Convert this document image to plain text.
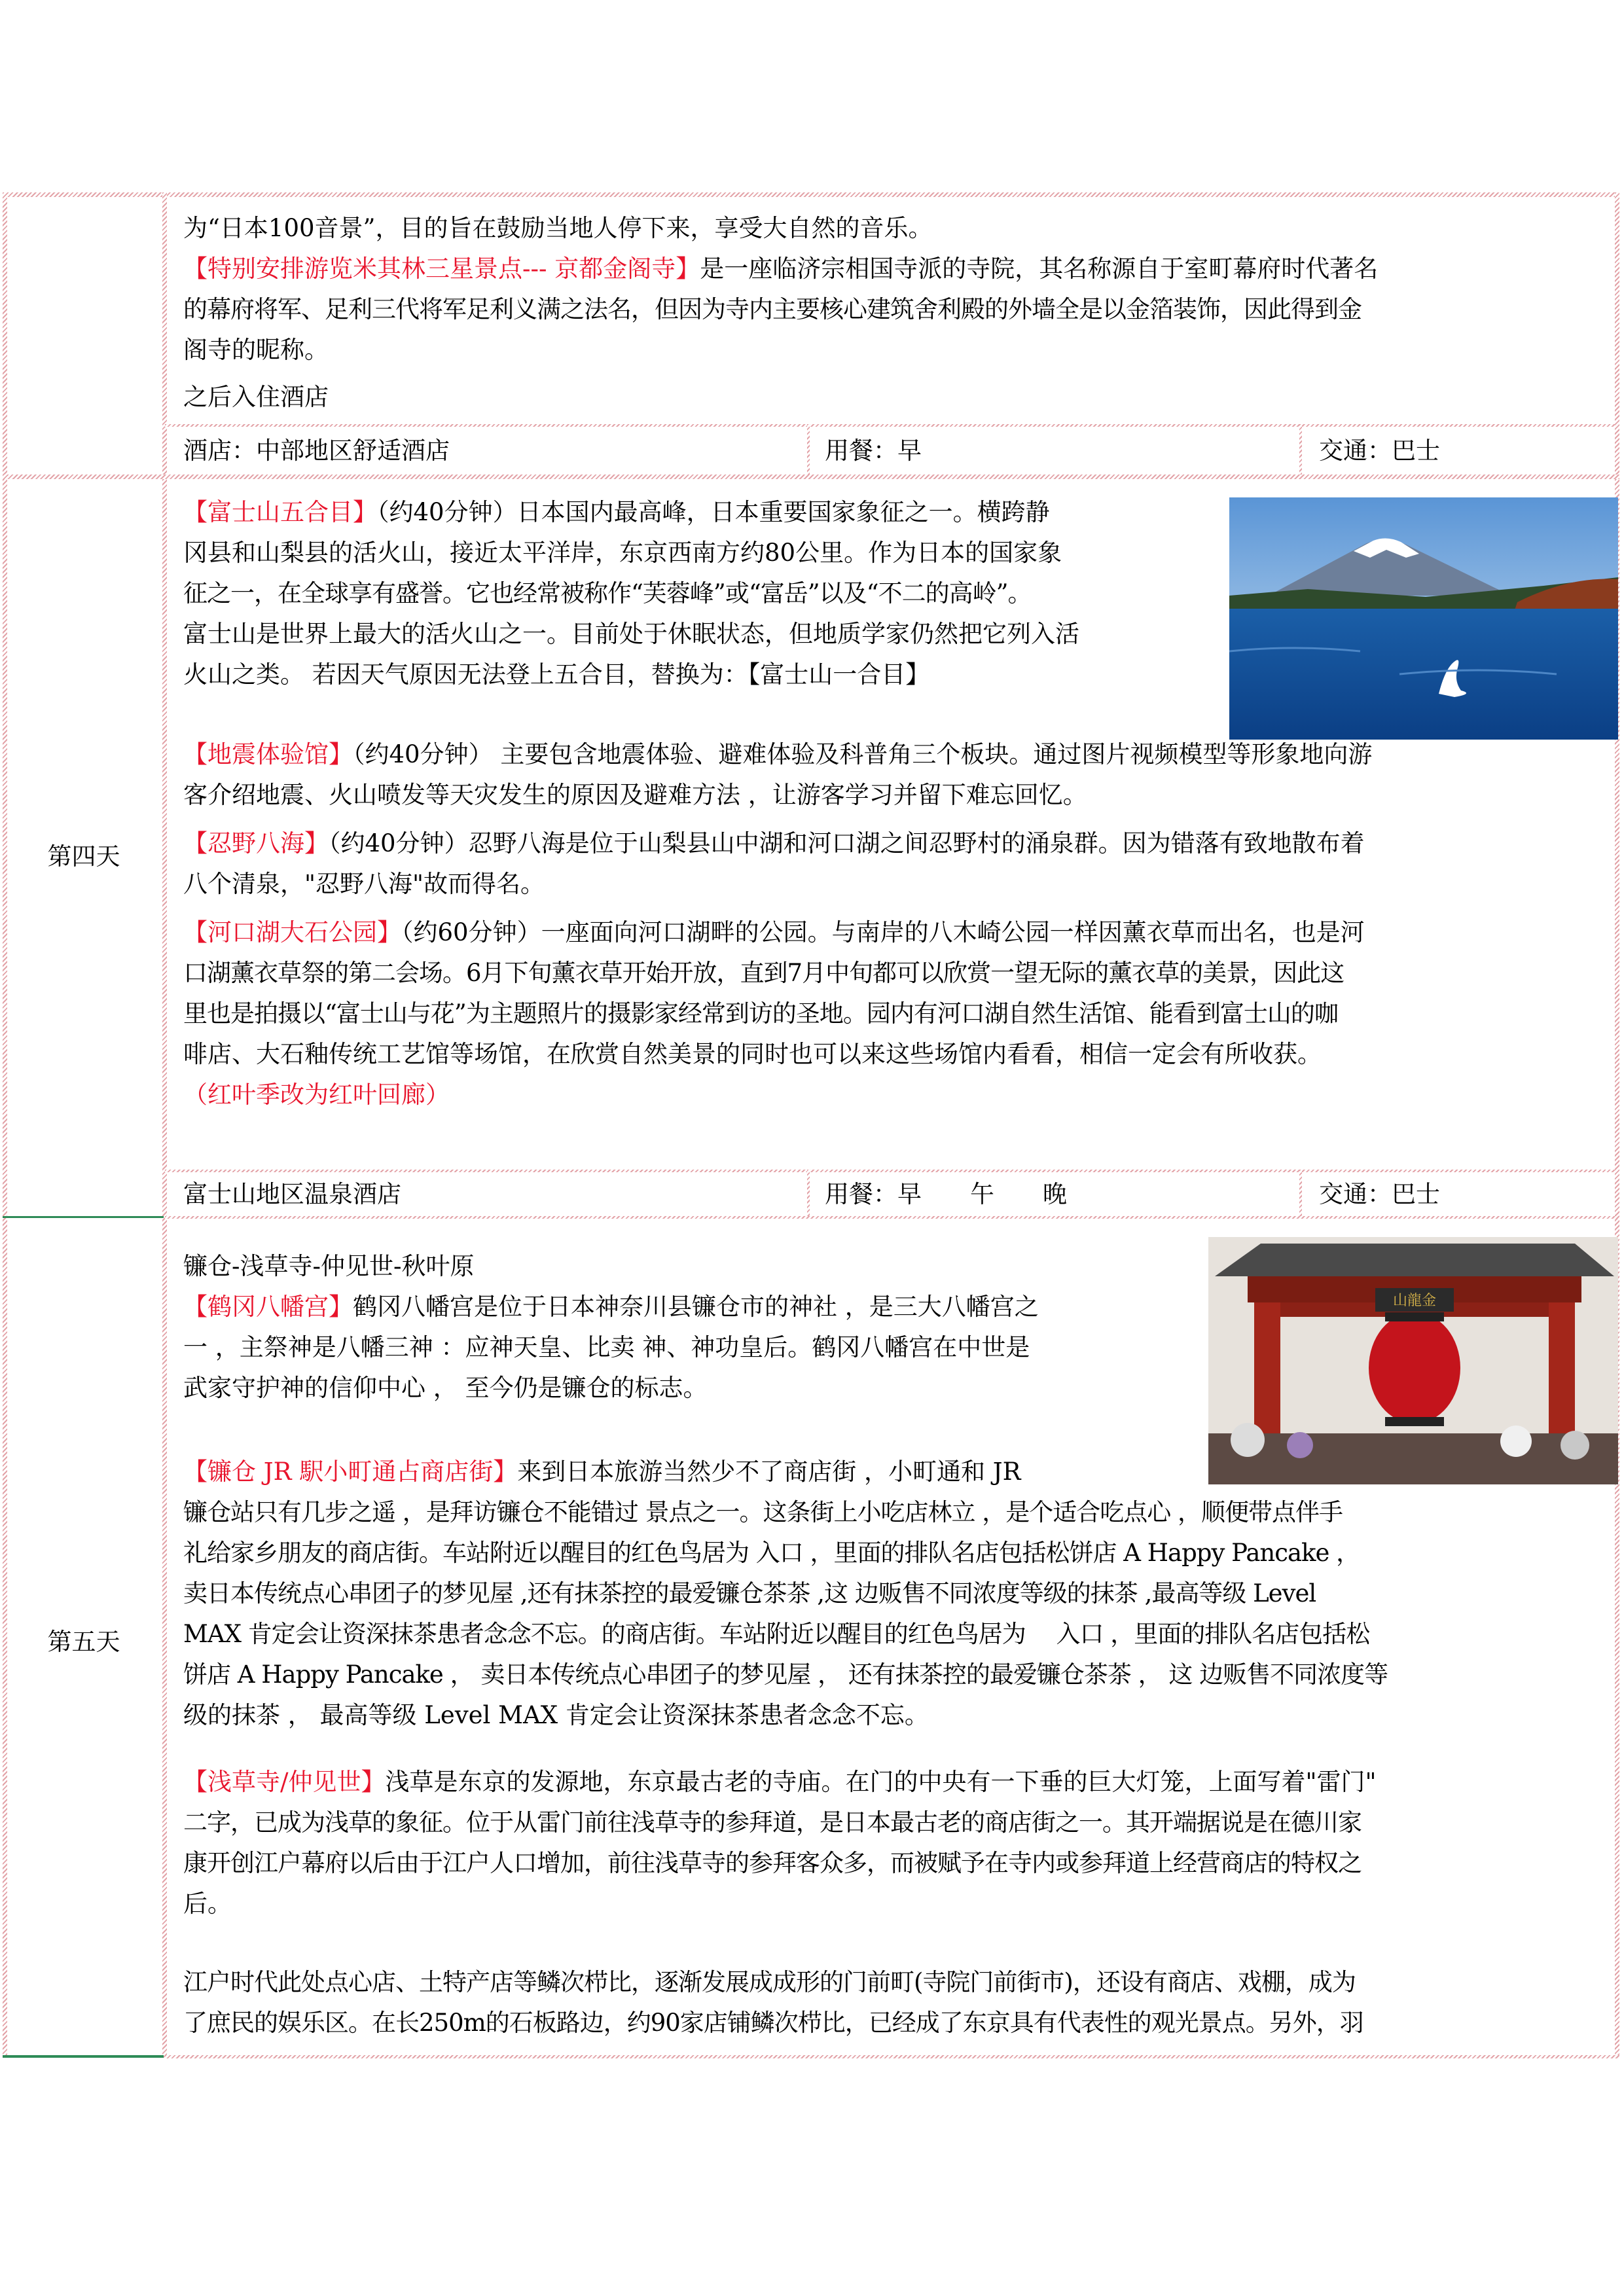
为“日本100音景”，目的旨在鼓励当地人停下来，享受大自然的音乐。
【特别安排游览米其林三星景点--- 京都金阁寺】是一座临济宗相国寺派的寺院，其名称源自于室町幕府时代著名
的幕府将军、足利三代将军足利义满之法名，但因为寺内主要核心建筑舍利殿的外墙全是以金箔装饰，因此得到金
阁寺的昵称。
之后入住酒店
酒店：中部地区舒适酒店	用餐：早	交通：巴士
第四天
【富士山五合目】（约40分钟）日本国内最高峰，日本重要国家象征之一。横跨静
冈县和山梨县的活火山，接近太平洋岸，东京西南方约80公里。作为日本的国家象
征之一，在全球享有盛誉。它也经常被称作“芙蓉峰”或“富岳”以及“不二的高岭”。
富士山是世界上最大的活火山之一。目前处于休眠状态，但地质学家仍然把它列入活
火山之类。 若因天气原因无法登上五合目，替换为：【富士山一合目】
【地震体验馆】（约40分钟） 主要包含地震体验、避难体验及科普角三个板块。通过图片视频模型等形象地向游
客介绍地震、火山喷发等天灾发生的原因及避难方法 ，让游客学习并留下难忘回忆。
【忍野八海】（约40分钟）忍野八海是位于山梨县山中湖和河口湖之间忍野村的涌泉群。因为错落有致地散布着
八个清泉，"忍野八海"故而得名。
【河口湖大石公园】（约60分钟）一座面向河口湖畔的公园。与南岸的八木崎公园一样因薰衣草而出名，也是河
口湖薰衣草祭的第二会场。6月下旬薰衣草开始开放，直到7月中旬都可以欣赏一望无际的薰衣草的美景，因此这
里也是拍摄以“富士山与花”为主题照片的摄影家经常到访的圣地。园内有河口湖自然生活馆、能看到富士山的咖
啡店、大石釉传统工艺馆等场馆，在欣赏自然美景的同时也可以来这些场馆内看看，相信一定会有所收获。
（红叶季改为红叶回廊）
富士山地区温泉酒店	用餐：早　　午　　晚	交通：巴士
第五天
镰仓-浅草寺-仲见世-秋叶原
【鹤冈八幡宫】鹤冈八幡宫是位于日本神奈川县镰仓市的神社 ，是三大八幡宫之
一 ，主祭神是八幡三神 ：应神天皇、比卖 神、神功皇后。鹤冈八幡宫在中世是
武家守护神的信仰中心 ， 至今仍是镰仓的标志。
山龍金
【镰仓 JR 駅小町通占商店街】来到日本旅游当然少不了商店街 ，小町通和 JR
镰仓站只有几步之遥 ，是拜访镰仓不能错过 景点之一。这条街上小吃店林立 ，是个适合吃点心 ，顺便带点伴手
礼给家乡朋友的商店街。车站附近以醒目的红色鸟居为 入口 ，里面的排队名店包括松饼店 A Happy Pancake ，
卖日本传统点心串团子的梦见屋 ,还有抹茶控的最爱镰仓茶茶 ,这 边贩售不同浓度等级的抹茶 ,最高等级 Level
MAX 肯定会让资深抹茶患者念念不忘。的商店街。车站附近以醒目的红色鸟居为　 入口 ，里面的排队名店包括松
饼店 A Happy Pancake ， 卖日本传统点心串团子的梦见屋 ， 还有抹茶控的最爱镰仓茶茶 ， 这 边贩售不同浓度等
级的抹茶 ， 最高等级 Level MAX 肯定会让资深抹茶患者念念不忘。
【浅草寺/仲见世】浅草是东京的发源地，东京最古老的寺庙。在门的中央有一下垂的巨大灯笼，上面写着"雷门"
二字，已成为浅草的象征。位于从雷门前往浅草寺的参拜道，是日本最古老的商店街之一。其开端据说是在德川家
康开创江户幕府以后由于江户人口增加，前往浅草寺的参拜客众多，而被赋予在寺内或参拜道上经营商店的特权之
后。
江户时代此处点心店、土特产店等鳞次栉比，逐渐发展成成形的门前町(寺院门前街市)，还设有商店、戏棚，成为
了庶民的娱乐区。在长250m的石板路边，约90家店铺鳞次栉比，已经成了东京具有代表性的观光景点。另外，羽
